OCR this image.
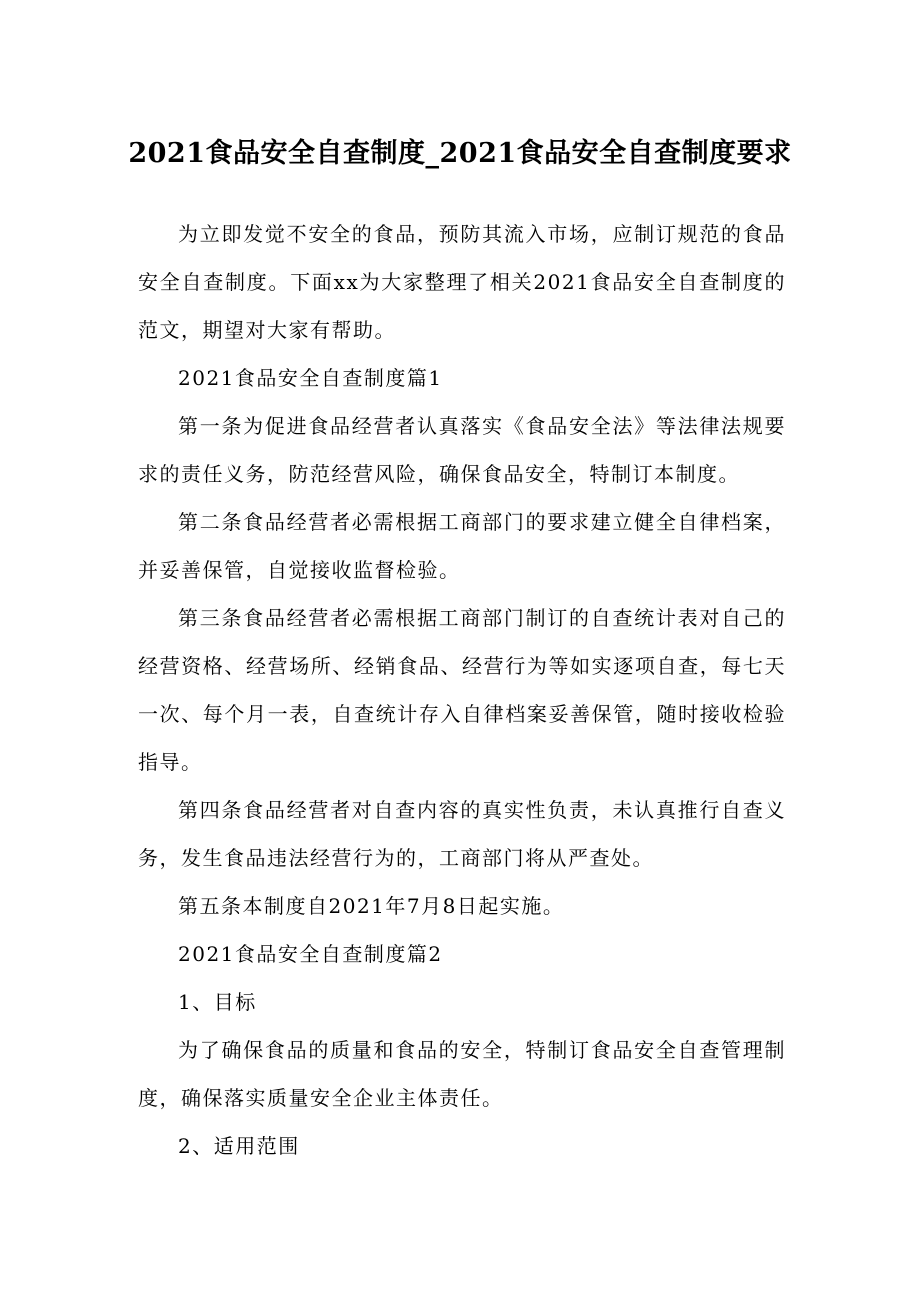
2021食品安全自查制度_2021食品安全自查制度要求

为立即发觉不安全的食品，预防其流入市场，应制订规范的食品安全自查制度。下面xx为大家整理了相关2021食品安全自查制度的范文，期望对大家有帮助。

2021食品安全自查制度篇1

第一条为促进食品经营者认真落实《食品安全法》等法律法规要求的责任义务，防范经营风险，确保食品安全，特制订本制度。

第二条食品经营者必需根据工商部门的要求建立健全自律档案，并妥善保管，自觉接收监督检验。

第三条食品经营者必需根据工商部门制订的自查统计表对自己的经营资格、经营场所、经销食品、经营行为等如实逐项自查，每七天一次、每个月一表，自查统计存入自律档案妥善保管，随时接收检验指导。

第四条食品经营者对自查内容的真实性负责，未认真推行自查义务，发生食品违法经营行为的，工商部门将从严查处。

第五条本制度自2021年7月8日起实施。

2021食品安全自查制度篇2

1、目标

为了确保食品的质量和食品的安全，特制订食品安全自查管理制度，确保落实质量安全企业主体责任。

2、适用范围
